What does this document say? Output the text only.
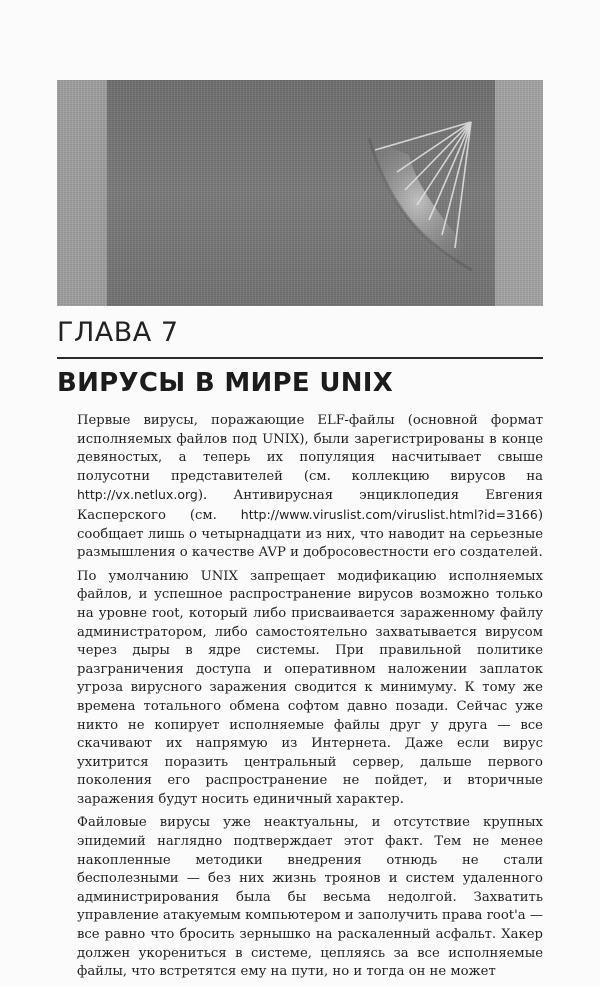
ГЛАВА 7
ВИРУСЫ В МИРЕ UNIX

Первые вирусы, поражающие ELF-файлы (основной формат исполняемых файлов под UNIX), были зарегистрированы в конце девяностых, а теперь их популяция насчитывает свыше полусотни представителей (см. коллекцию вирусов на http://vx.netlux.org). Антивирусная энциклопедия Евгения Касперского (см. http://www.viruslist.com/viruslist.html?id=3166) сообщает лишь о четырнадцати из них, что наводит на серьезные размышления о качестве AVP и добросовестности его создателей.

По умолчанию UNIX запрещает модификацию исполняемых файлов, и успешное распространение вирусов возможно только на уровне root, который либо присваивается зараженному файлу администратором, либо самостоятельно захватывается вирусом через дыры в ядре системы. При правильной политике разграничения доступа и оперативном наложении заплаток угроза вирусного заражения сводится к минимуму. К тому же времена тотального обмена софтом давно позади. Сейчас уже никто не копирует исполняемые файлы друг у друга — все скачивают их напрямую из Интернета. Даже если вирус ухитрится поразить центральный сервер, дальше первого поколения его распространение не пойдет, и вторичные заражения будут носить единичный характер.

Файловые вирусы уже неактуальны, и отсутствие крупных эпидемий наглядно подтверждает этот факт. Тем не менее накопленные методики внедрения отнюдь не стали бесполезными — без них жизнь троянов и систем удаленного администрирования была бы весьма недолгой. Захватить управление атакуемым компьютером и заполучить права root'а — все равно что бросить зернышко на раскаленный асфальт. Хакер должен укорениться в системе, цепляясь за все исполняемые файлы, что встретятся ему на пути, но и тогда он не может
